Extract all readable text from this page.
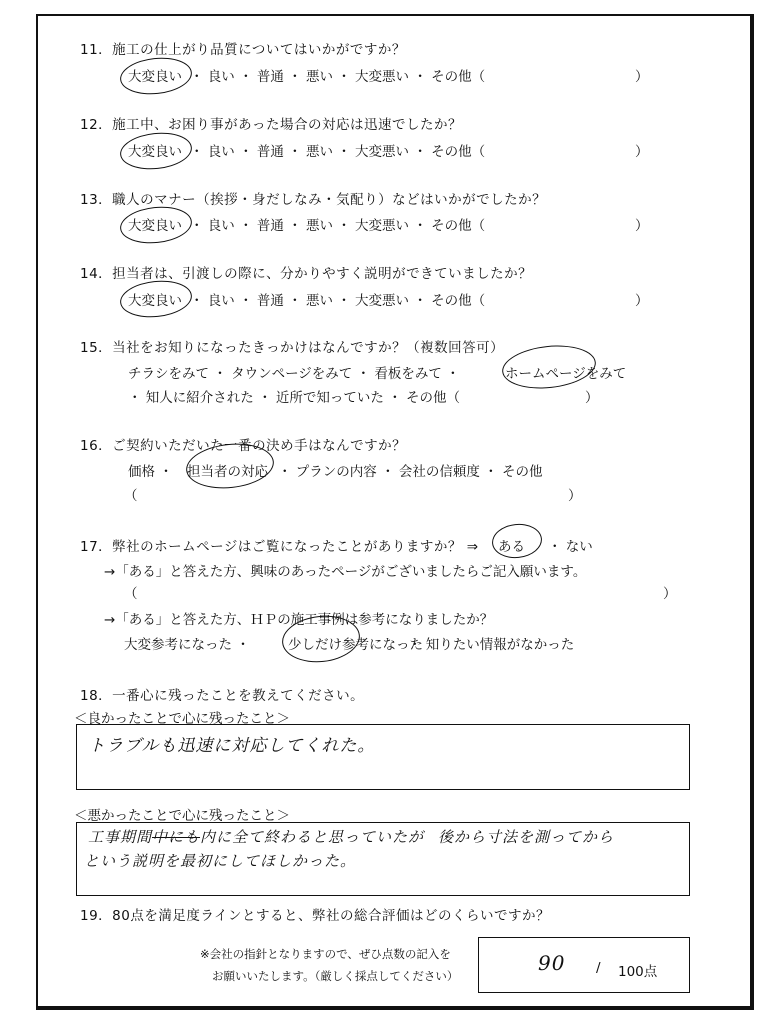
11．施工の仕上がり品質についてはいかがですか？
大変良い ・ 良い ・ 普通 ・ 悪い ・ 大変悪い ・ その他（	）
12．施工中、お困り事があった場合の対応は迅速でしたか？
大変良い ・ 良い ・ 普通 ・ 悪い ・ 大変悪い ・ その他（	）
13．職人のマナー（挨拶・身だしなみ・気配り）などはいかがでしたか？
大変良い ・ 良い ・ 普通 ・ 悪い ・ 大変悪い ・ その他（	）
14．担当者は、引渡しの際に、分かりやすく説明ができていましたか？
大変良い ・ 良い ・ 普通 ・ 悪い ・ 大変悪い ・ その他（	）
15．当社をお知りになったきっかけはなんですか？（複数回答可）
チラシをみて ・ タウンページをみて ・ 看板をみて ・	ホームページをみて
・ 知人に紹介された ・ 近所で知っていた ・ その他（	）
16．ご契約いただいた一番の決め手はなんですか？
価格 ・ 担当者の対応 ・ プランの内容 ・ 会社の信頼度 ・ その他
（	）
17．弊社のホームページはご覧になったことがありますか？ ⇒ ある ・ ない
→「ある」と答えた方、興味のあったページがございましたらご記入願います。
（	）
→「ある」と答えた方、ＨＰの施工事例は参考になりましたか？
大変参考になった ・	少しだけ参考になった
・ 知りたい情報がなかった
18．一番心に残ったことを教えてください。
＜良かったことで心に残ったこと＞
トラブルも迅速に対応してくれた。
＜悪かったことで心に残ったこと＞
工事期間中にも内に全て終わると思っていたが 後から寸法を測ってから
という説明を最初にしてほしかった。
19．80点を満足度ラインとすると、弊社の総合評価はどのくらいですか？
※会社の指針となりますので、ぜひ点数の記入を
お願いいたします。（厳しく採点してください）
90 / 100点
